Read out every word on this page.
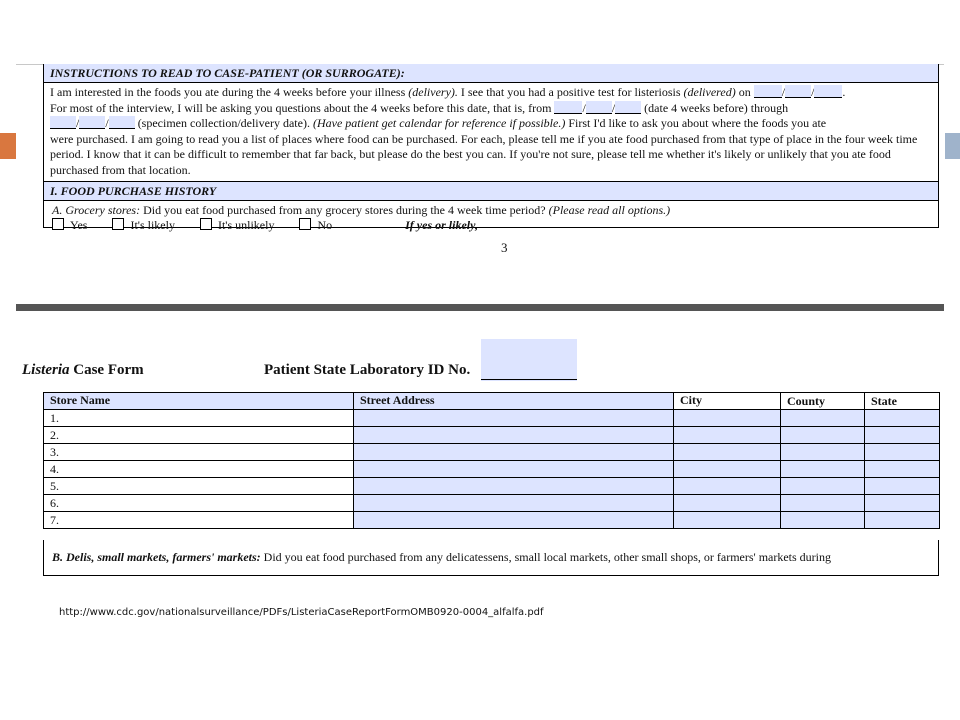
INSTRUCTIONS TO READ TO CASE-PATIENT (OR SURROGATE):
I am interested in the foods you ate during the 4 weeks before your illness (delivery). I see that you had a positive test for listeriosis (delivered) on / / .
For most of the interview, I will be asking you questions about the 4 weeks before this date, that is, from / / (date 4 weeks before) through
/ / (specimen collection/delivery date). (Have patient get calendar for reference if possible.) First I'd like to ask you about where the foods you ate
were purchased. I am going to read you a list of places where food can be purchased. For each, please tell me if you ate food purchased from that type of place in the four week time period. I know that it can be difficult to remember that far back, but please do the best you can. If you're not sure, please tell me whether it's likely or unlikely that you ate food purchased from that location.
I. FOOD PURCHASE HISTORY
A. Grocery stores: Did you eat food purchased from any grocery stores during the 4 week time period? (Please read all options.)
Yes	It's likely	It's unlikely	No	If yes or likely,
3
Listeria Case Form	Patient State Laboratory ID No.
Store Name	Street Address	City	County	State
1.				
2.				
3.				
4.				
5.				
6.				
7.				
B. Delis, small markets, farmers' markets: Did you eat food purchased from any delicatessens, small local markets, other small shops, or farmers' markets during
http://www.cdc.gov/nationalsurveillance/PDFs/ListeriaCaseReportFormOMB0920-0004_alfalfa.pdf
